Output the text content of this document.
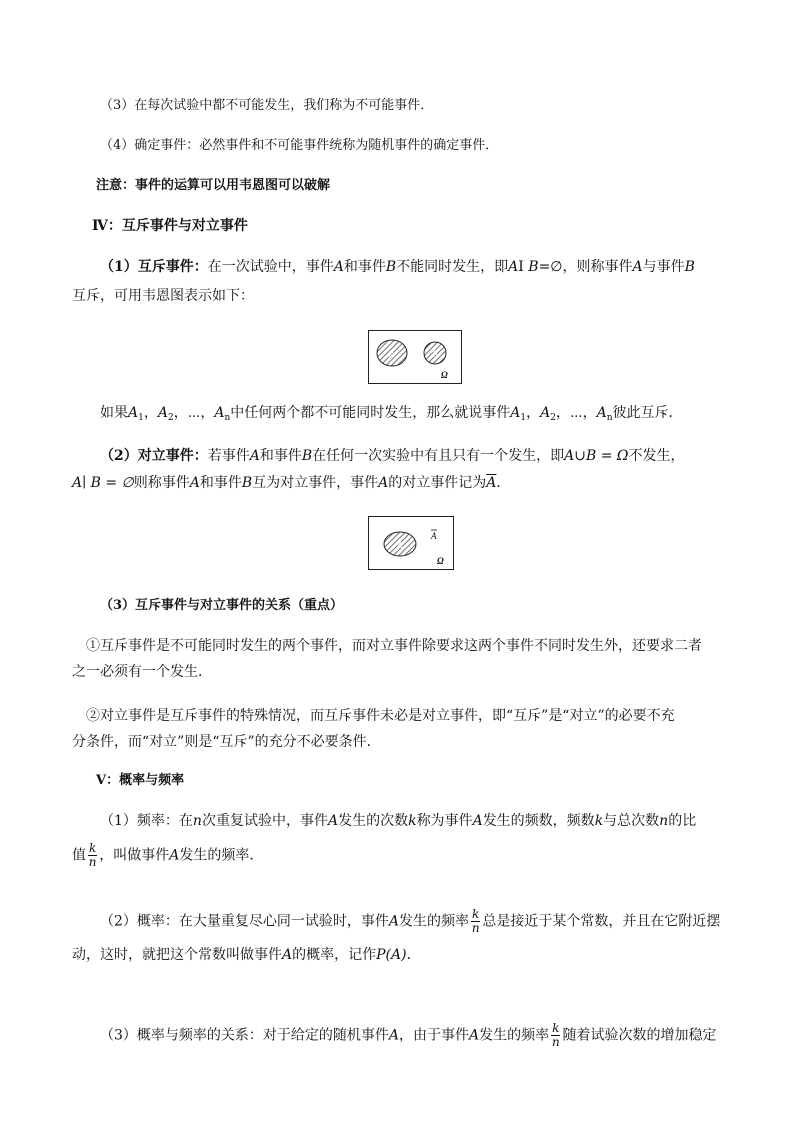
（3）在每次试验中都不可能发生，我们称为不可能事件．
（4）确定事件：必然事件和不可能事件统称为随机事件的确定事件．
注意：事件的运算可以用韦恩图可以破解
Ⅳ：互斥事件与对立事件
（1）互斥事件：在一次试验中，事件A和事件B不能同时发生，即AI B=∅，则称事件A与事件B
互斥，可用韦恩图表示如下：
A	B
Ω
如果$A_1$，$A_2$，⋯，$A_n$中任何两个都不可能同时发生，那么就说事件$A_1$，$A_2$，⋯，$A_n$彼此互斥．
（2）对立事件：若事件A和事件B在任何一次实验中有且只有一个发生，即A∪B = Ω不发生，
A∣ B = ∅则称事件A和事件B互为对立事件，事件A的对立事件记为$\overline{A}$．
A
A
Ω
（3）互斥事件与对立事件的关系（重点）
①互斥事件是不可能同时发生的两个事件，而对立事件除要求这两个事件不同时发生外，还要求二者
之一必须有一个发生．
②对立事件是互斥事件的特殊情况，而互斥事件未必是对立事件，即“互斥”是“对立”的必要不充
分条件，而“对立”则是“互斥”的充分不必要条件．
Ⅴ：概率与频率
（1）频率：在n次重复试验中，事件A发生的次数k称为事件A发生的频数，频数k与总次数n的比
值 $\frac{k}{n}$ ，叫做事件A发生的频率．
（2）概率：在大量重复尽心同一试验时，事件A发生的频率 $\frac{k}{n}$ 总是接近于某个常数，并且在它附近摆
动，这时，就把这个常数叫做事件A的概率，记作P(A)．
（3）概率与频率的关系：对于给定的随机事件A，由于事件A发生的频率 $\frac{k}{n}$ 随着试验次数的增加稳定
